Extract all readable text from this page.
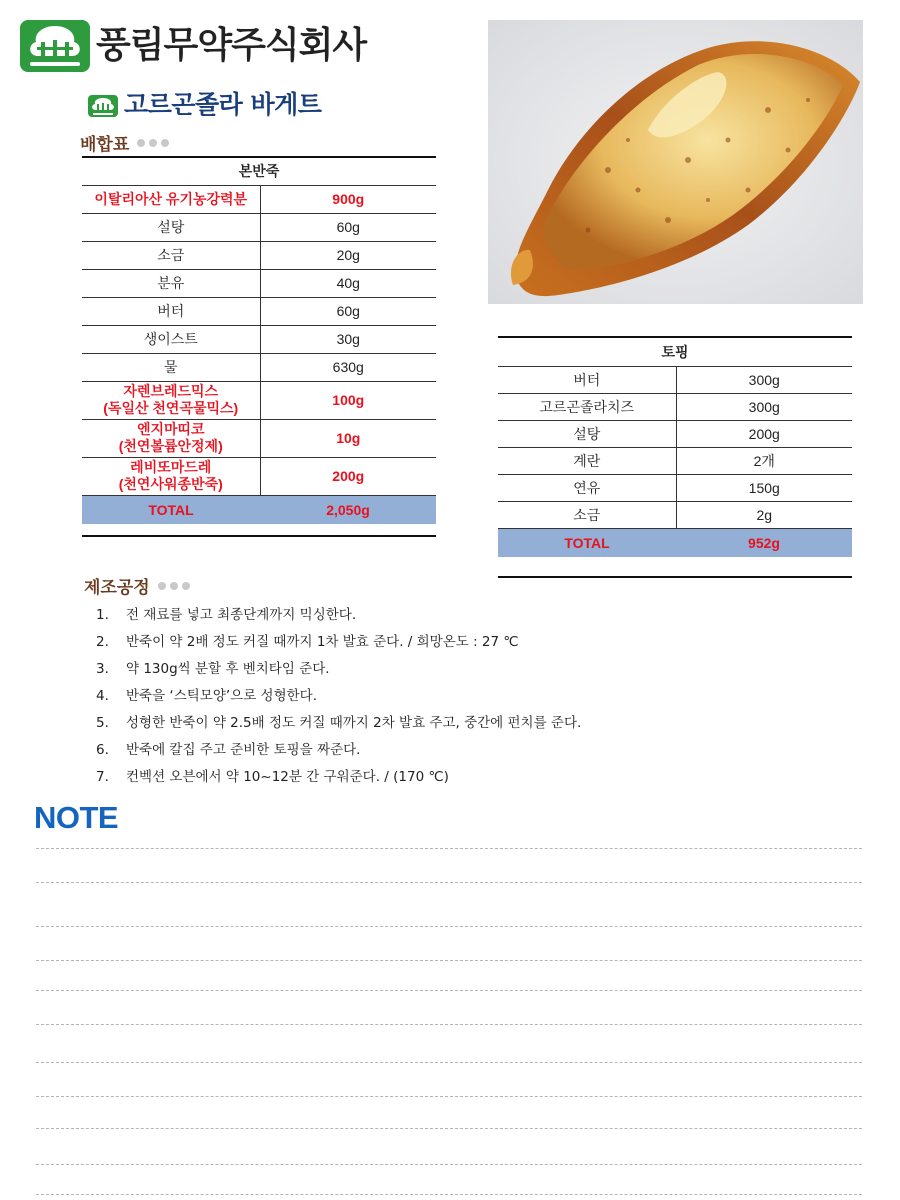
풍림무약주식회사
고르곤졸라 바게트
배합표
본반죽	
이탈리아산 유기농강력분	900g
설탕	60g
소금	20g
분유	40g
버터	60g
생이스트	30g
물	630g

자렌브레드믹스
(독일산 천연곡물믹스)	100g

엔지마띠코
(천연볼륨안정제)	10g

레비또마드레
(천연사워종반죽)	200g
TOTAL	2,050g
토핑	
버터	300g
고르곤졸라치즈	300g
설탕	200g
계란	2개
연유	150g
소금	2g
TOTAL	952g
제조공정
1.	전 재료를 넣고 최종단계까지 믹싱한다.
2.	반죽이 약 2배 정도 커질 때까지 1차 발효 준다. / 희망온도 : 27 ℃
3.	약 130g씩 분할 후 벤치타임 준다.
4.	반죽을 ‘스틱모양’으로 성형한다.
5.	성형한 반죽이 약 2.5배 정도 커질 때까지 2차 발효 주고, 중간에 펀치를 준다.
6.	반죽에 칼집 주고 준비한 토핑을 짜준다.
7.	컨벡션 오븐에서 약 10~12분 간 구워준다. / (170 ℃)
NOTE
